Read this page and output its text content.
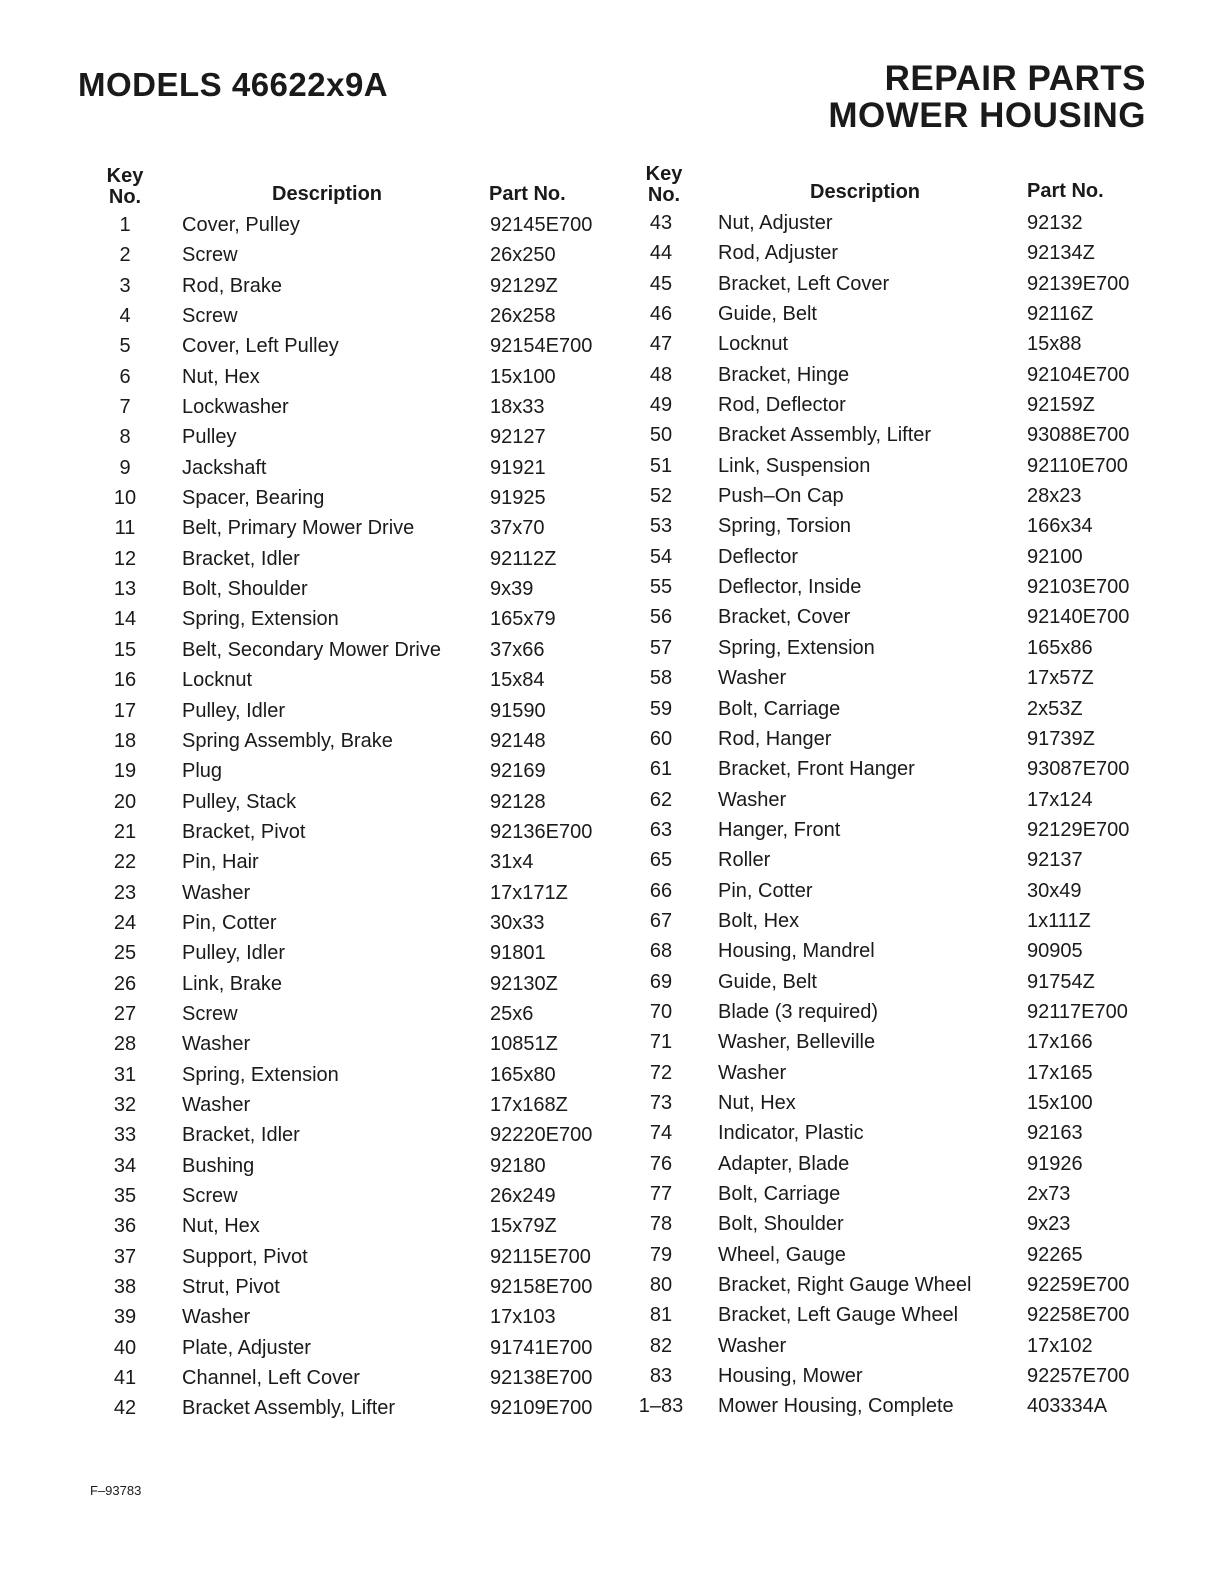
MODELS 46622x9A	REPAIR PARTS
MOWER HOUSING
Key
No.	Description	Part No.
Key
No.	Description	Part No.
1	Cover, Pulley	92145E700
2	Screw	26x250
3	Rod, Brake	92129Z
4	Screw	26x258
5	Cover, Left Pulley	92154E700
6	Nut, Hex	15x100
7	Lockwasher	18x33
8	Pulley	92127
9	Jackshaft	91921
10	Spacer, Bearing	91925
11	Belt, Primary Mower Drive	37x70
12	Bracket, Idler	92112Z
13	Bolt, Shoulder	9x39
14	Spring, Extension	165x79
15	Belt, Secondary Mower Drive 37x66
16	Locknut	15x84
17	Pulley, Idler	91590
18	Spring Assembly, Brake	92148
19	Plug	92169
20	Pulley, Stack	92128
21	Bracket, Pivot	92136E700
22	Pin, Hair	31x4
23	Washer	17x171Z
24	Pin, Cotter	30x33
25	Pulley, Idler	91801
26	Link, Brake	92130Z
27	Screw	25x6
28	Washer	10851Z
31	Spring, Extension	165x80
32	Washer	17x168Z
33	Bracket, Idler	92220E700
34	Bushing	92180
35	Screw	26x249
36	Nut, Hex	15x79Z
37	Support, Pivot	92115E700
38	Strut, Pivot	92158E700
39	Washer	17x103
40	Plate, Adjuster	91741E700
41	Channel, Left Cover	92138E700
42	Bracket Assembly, Lifter	92109E700
43	Nut, Adjuster	92132
44	Rod, Adjuster	92134Z
45	Bracket, Left Cover	92139E700
46	Guide, Belt	92116Z
47	Locknut	15x88
48	Bracket, Hinge	92104E700
49	Rod, Deflector	92159Z
50	Bracket Assembly, Lifter	93088E700
51	Link, Suspension	92110E700
52	Push–On Cap	28x23
53	Spring, Torsion	166x34
54	Deflector	92100
55	Deflector, Inside	92103E700
56	Bracket, Cover	92140E700
57	Spring, Extension	165x86
58	Washer	17x57Z
59	Bolt, Carriage	2x53Z
60	Rod, Hanger	91739Z
61	Bracket, Front Hanger	93087E700
62	Washer	17x124
63	Hanger, Front	92129E700
65	Roller	92137
66	Pin, Cotter	30x49
67	Bolt, Hex	1x111Z
68	Housing, Mandrel	90905
69	Guide, Belt	91754Z
70	Blade (3 required)	92117E700
71	Washer, Belleville	17x166
72	Washer	17x165
73	Nut, Hex	15x100
74	Indicator, Plastic	92163
76	Adapter, Blade	91926
77	Bolt, Carriage	2x73
78	Bolt, Shoulder	9x23
79	Wheel, Gauge	92265
80	Bracket, Right Gauge Wheel	92259E700
81	Bracket, Left Gauge Wheel	92258E700
82	Washer	17x102
83	Housing, Mower	92257E700
1–83 Mower Housing, Complete	403334A
F–93783
